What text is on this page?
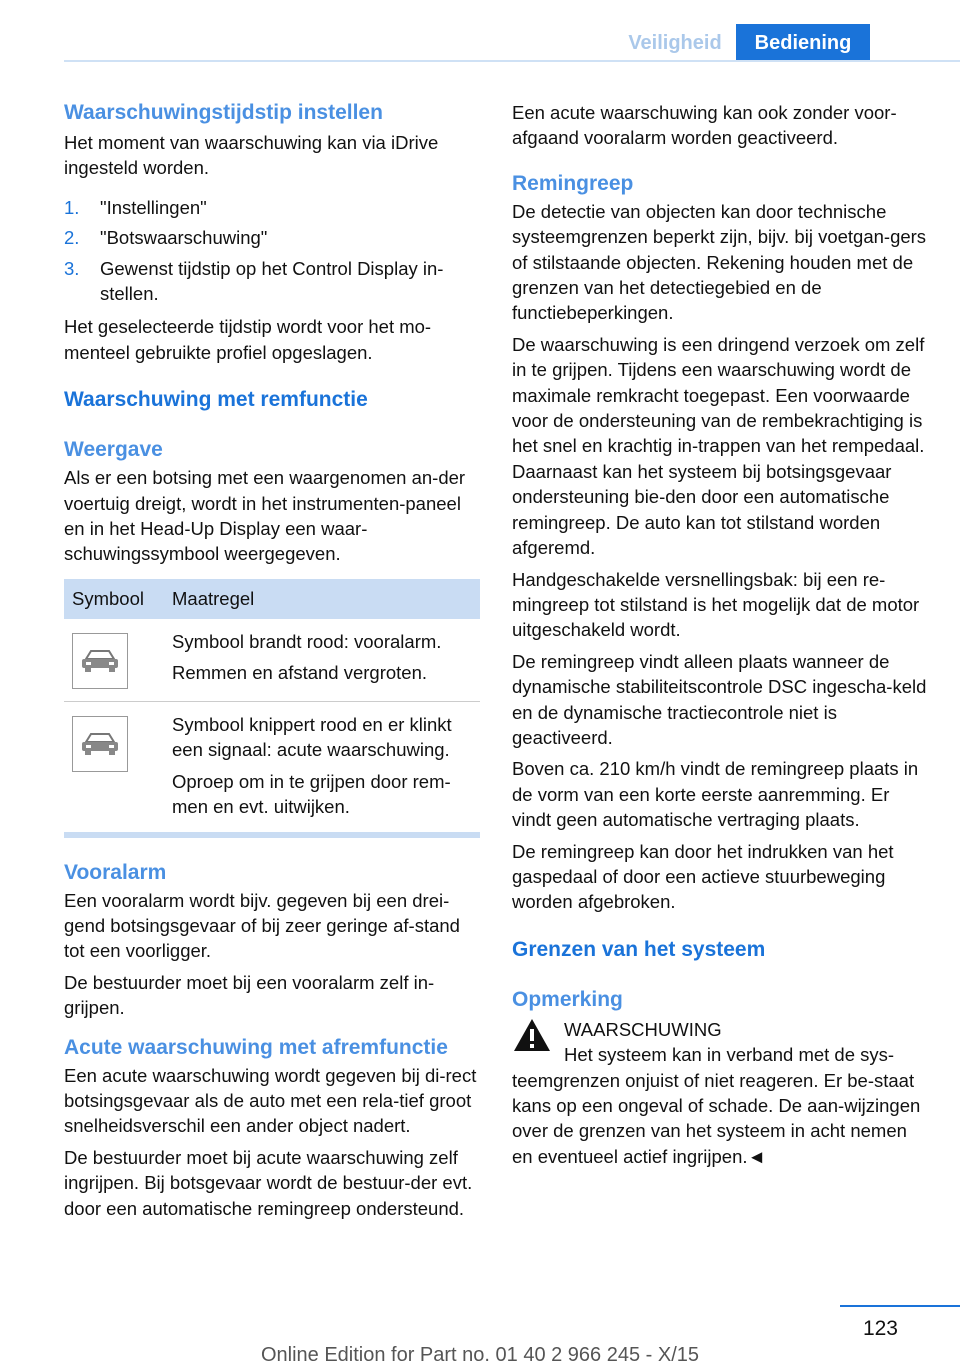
Veiligheid	Bediening
Waarschuwingstijdstip instellen

Het moment van waarschuwing kan via iDrive ingesteld worden.

1. "Instellingen"
2. "Botswaarschuwing"
3. Gewenst tijdstip op het Control Display in-stellen.

Het geselecteerde tijdstip wordt voor het mo-menteel gebruikte profiel opgeslagen.

Waarschuwing met remfunctie
Weergave

Als er een botsing met een waargenomen an-der voertuig dreigt, wordt in het instrumenten-paneel en in het Head-Up Display een waar-schuwingssymbool weergegeven.

Symbool	Maatregel

Symbool brandt rood: vooralarm.
Remmen en afstand vergroten.

Symbool knippert rood en er klinkt een signaal: acute waarschuwing.
Oproep om in te grijpen door rem-men en evt. uitwijken.
Vooralarm

Een vooralarm wordt bijv. gegeven bij een drei-gend botsingsgevaar of bij zeer geringe af-stand tot een voorligger.

De bestuurder moet bij een vooralarm zelf in-grijpen.

Acute waarschuwing met afremfunctie

Een acute waarschuwing wordt gegeven bij di-rect botsingsgevaar als de auto met een rela-tief groot snelheidsverschil een ander object nadert.

De bestuurder moet bij acute waarschuwing zelf ingrijpen. Bij botsgevaar wordt de bestuur-der evt. door een automatische remingreep ondersteund.

Een acute waarschuwing kan ook zonder voor-afgaand vooralarm worden geactiveerd.

Remingreep

De detectie van objecten kan door technische systeemgrenzen beperkt zijn, bijv. bij voetgan-gers of stilstaande objecten. Rekening houden met de grenzen van het detectiegebied en de functiebeperkingen.

De waarschuwing is een dringend verzoek om zelf in te grijpen. Tijdens een waarschuwing wordt de maximale remkracht toegepast. Een voorwaarde voor de ondersteuning van de rembekrachtiging is het snel en krachtig in-trappen van het rempedaal. Daarnaast kan het systeem bij botsingsgevaar ondersteuning bie-den door een automatische remingreep. De auto kan tot stilstand worden afgeremd.

Handgeschakelde versnellingsbak: bij een re-mingreep tot stilstand is het mogelijk dat de motor uitgeschakeld wordt.

De remingreep vindt alleen plaats wanneer de dynamische stabiliteitscontrole DSC ingescha-keld en de dynamische tractiecontrole niet is geactiveerd.

Boven ca. 210 km/h vindt de remingreep plaats in de vorm van een korte eerste aanremming. Er vindt geen automatische vertraging plaats.

De remingreep kan door het indrukken van het gaspedaal of door een actieve stuurbeweging worden afgebroken.

Grenzen van het systeem
Opmerking
WAARSCHUWING

Het systeem kan in verband met de sys-teemgrenzen onjuist of niet reageren. Er be-staat kans op een ongeval of schade. De aan-wijzingen over de grenzen van het systeem in acht nemen en eventueel actief ingrijpen.◄

123
Online Edition for Part no. 01 40 2 966 245 - X/15
